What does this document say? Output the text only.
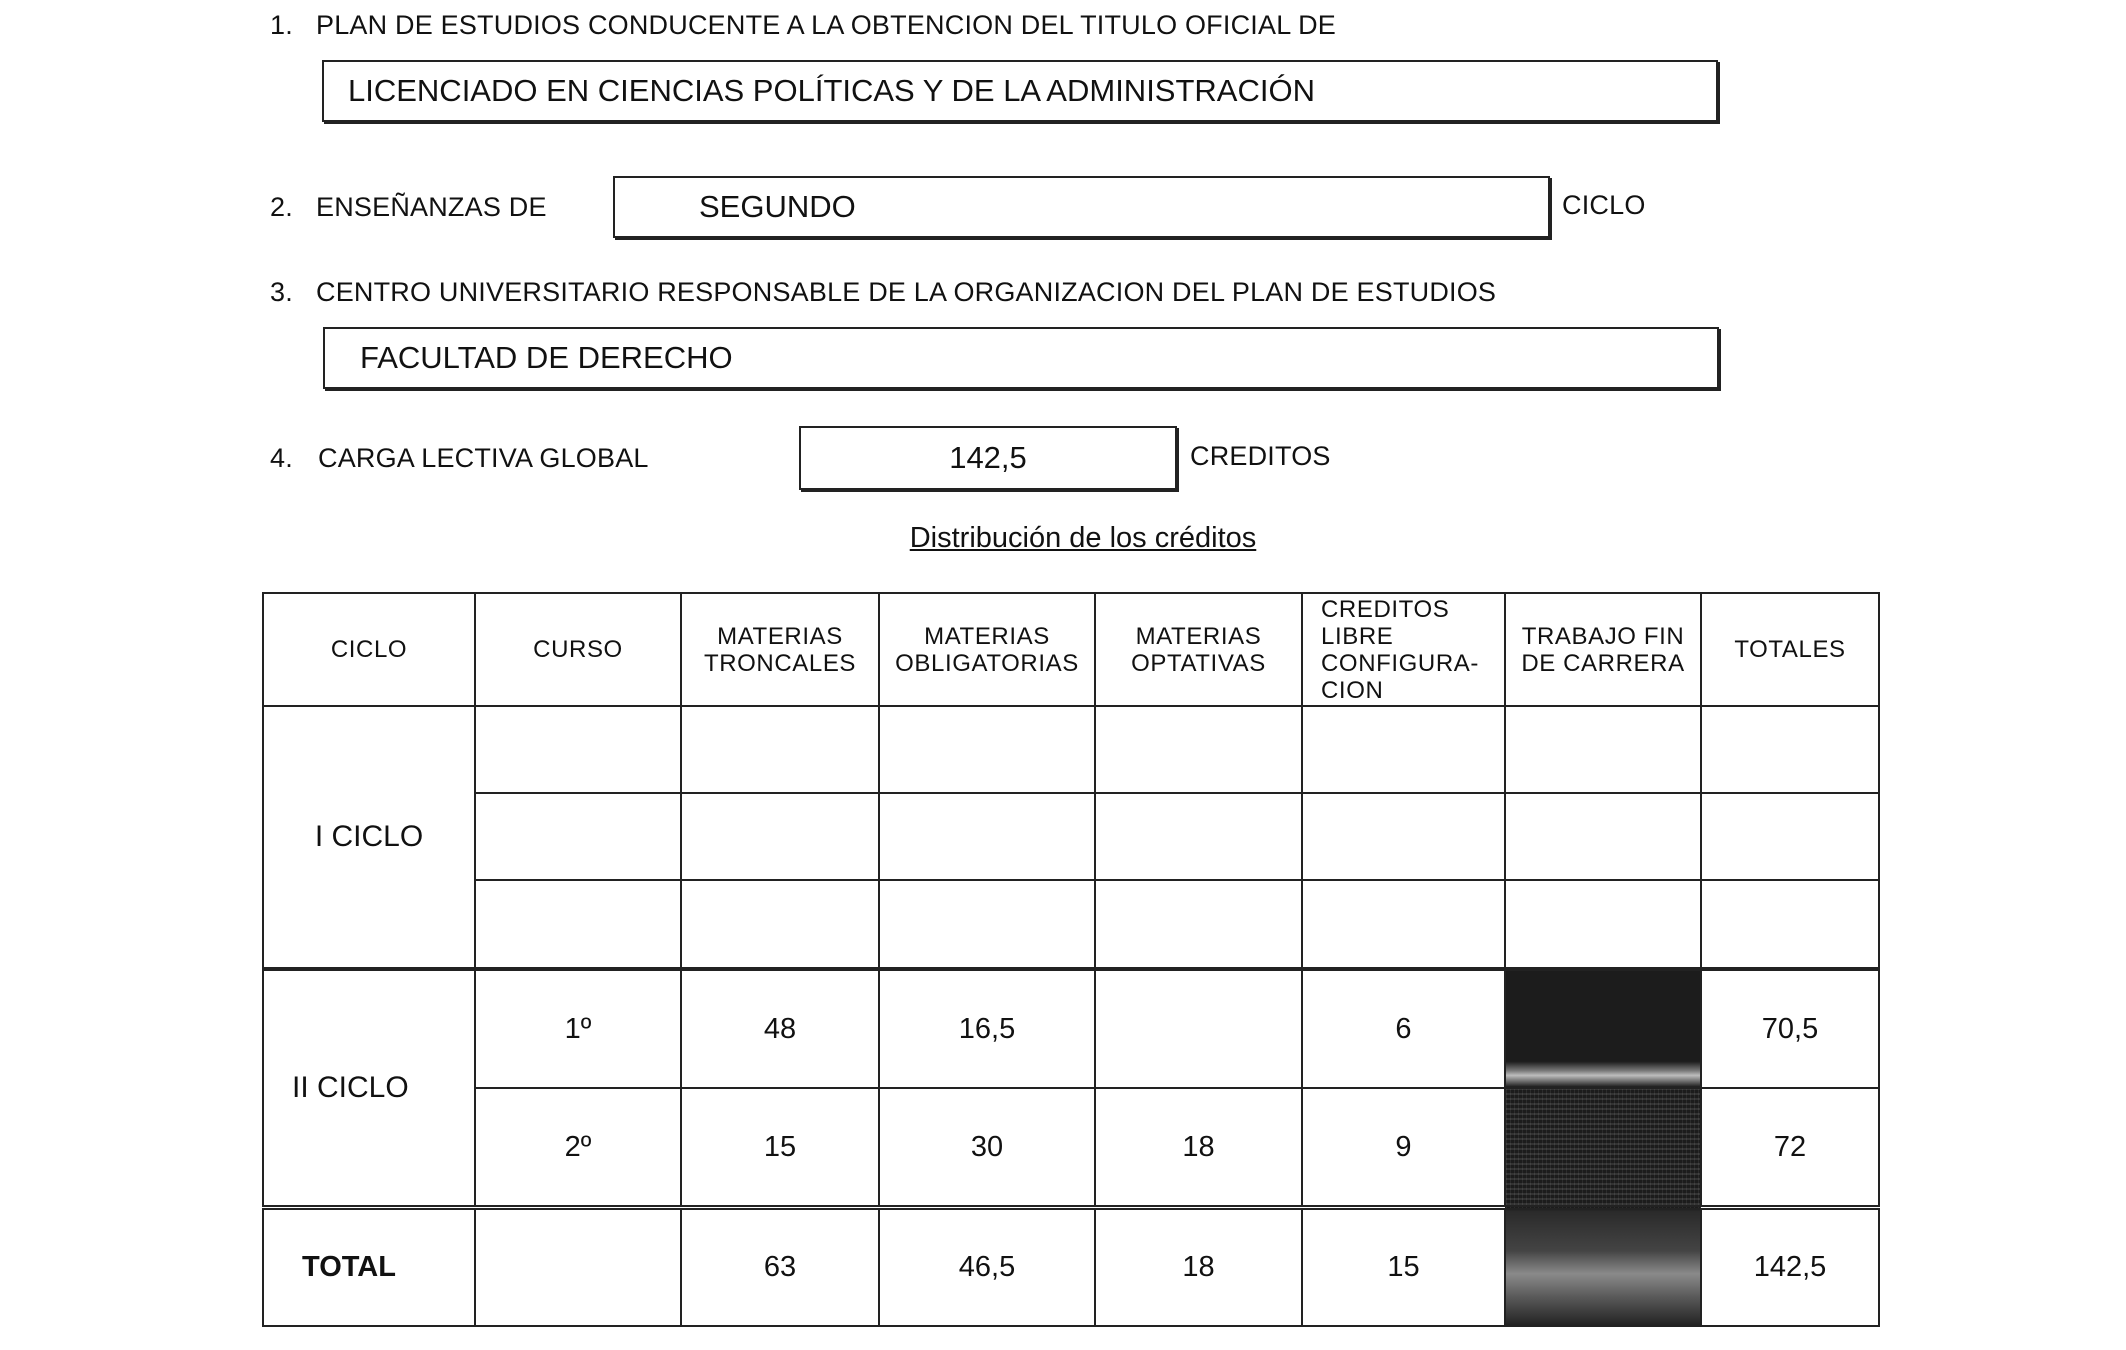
1. PLAN DE ESTUDIOS CONDUCENTE A LA OBTENCION DEL TITULO OFICIAL DE
LICENCIADO EN CIENCIAS POLÍTICAS Y DE LA ADMINISTRACIÓN
2. ENSEÑANZAS DE	SEGUNDO	CICLO
3. CENTRO UNIVERSITARIO RESPONSABLE DE LA ORGANIZACION DEL PLAN DE ESTUDIOS
FACULTAD DE DERECHO
4. CARGA LECTIVA GLOBAL	142,5	CREDITOS
Distribución de los créditos
CICLO	CURSO	MATERIAS TRONCALES	MATERIAS OBLIGATORIAS	MATERIAS OPTATIVAS	CREDITOS LIBRE CONFIGURA-CION	TRABAJO FIN DE CARRERA	TOTALES
I CICLO							

II CICLO	1º	48	16,5		6		70,5
	2º	15	30	18	9		72
TOTAL		63	46,5	18	15		142,5
